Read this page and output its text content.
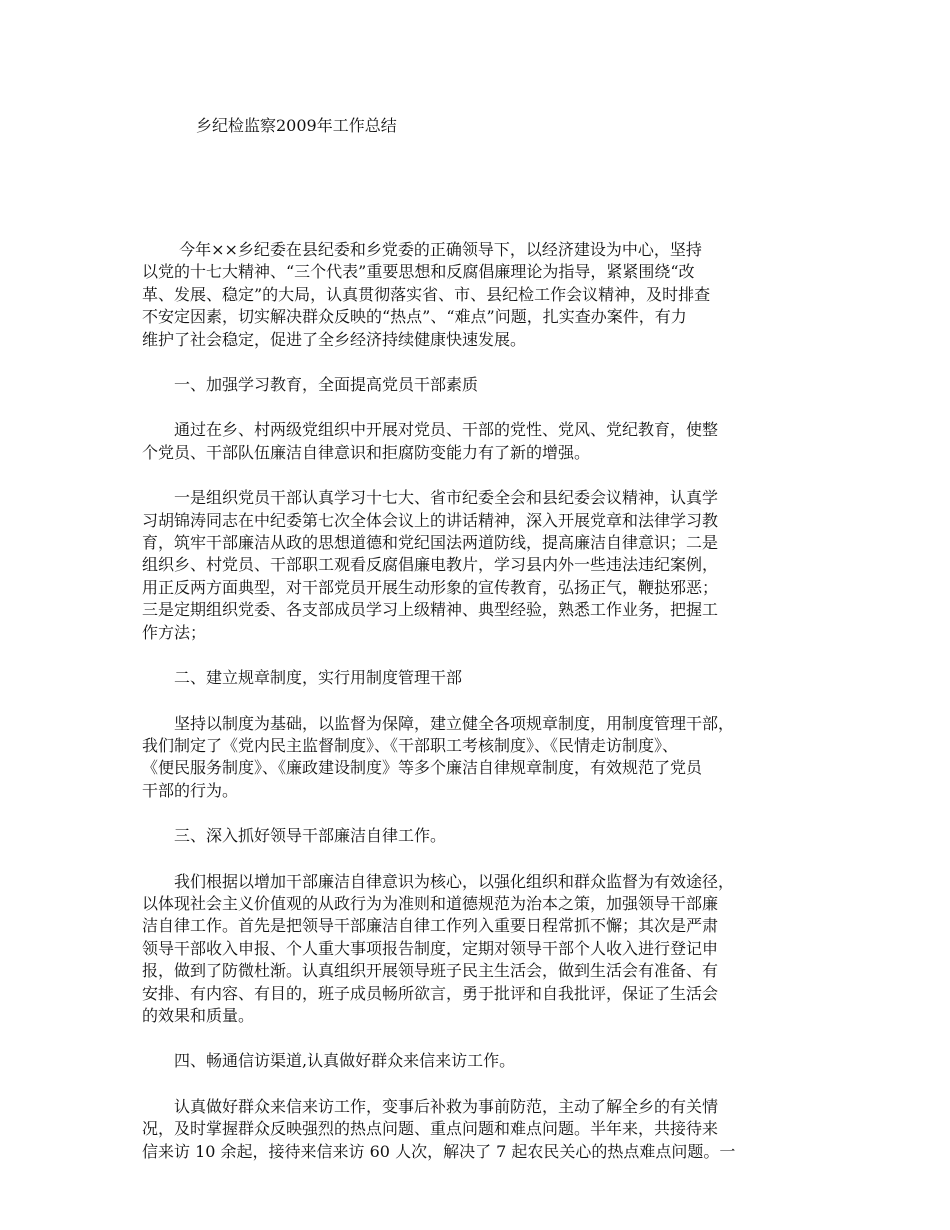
乡纪检监察2009年工作总结
今年××乡纪委在县纪委和乡党委的正确领导下，以经济建设为中心，坚持
以党的十七大精神、“三个代表”重要思想和反腐倡廉理论为指导，紧紧围绕“改
革、发展、稳定”的大局，认真贯彻落实省、市、县纪检工作会议精神，及时排查
不安定因素，切实解决群众反映的“热点”、“难点”问题，扎实查办案件，有力
维护了社会稳定，促进了全乡经济持续健康快速发展。
一、加强学习教育，全面提高党员干部素质
通过在乡、村两级党组织中开展对党员、干部的党性、党风、党纪教育，使整
个党员、干部队伍廉洁自律意识和拒腐防变能力有了新的增强。
一是组织党员干部认真学习十七大、省市纪委全会和县纪委会议精神，认真学
习胡锦涛同志在中纪委第七次全体会议上的讲话精神，深入开展党章和法律学习教
育，筑牢干部廉洁从政的思想道德和党纪国法两道防线，提高廉洁自律意识；二是
组织乡、村党员、干部职工观看反腐倡廉电教片，学习县内外一些违法违纪案例，
用正反两方面典型，对干部党员开展生动形象的宣传教育，弘扬正气，鞭挞邪恶；
三是定期组织党委、各支部成员学习上级精神、典型经验，熟悉工作业务，把握工
作方法；
二、建立规章制度，实行用制度管理干部
坚持以制度为基础，以监督为保障，建立健全各项规章制度，用制度管理干部，
我们制定了《党内民主监督制度》、《干部职工考核制度》、《民情走访制度》、
《便民服务制度》、《廉政建设制度》等多个廉洁自律规章制度，有效规范了党员
干部的行为。
三、深入抓好领导干部廉洁自律工作。
我们根据以增加干部廉洁自律意识为核心，以强化组织和群众监督为有效途径，
以体现社会主义价值观的从政行为为准则和道德规范为治本之策，加强领导干部廉
洁自律工作。首先是把领导干部廉洁自律工作列入重要日程常抓不懈；其次是严肃
领导干部收入申报、个人重大事项报告制度，定期对领导干部个人收入进行登记申
报，做到了防微杜渐。认真组织开展领导班子民主生活会，做到生活会有准备、有
安排、有内容、有目的，班子成员畅所欲言，勇于批评和自我批评，保证了生活会
的效果和质量。
四、畅通信访渠道,认真做好群众来信来访工作。
认真做好群众来信来访工作，变事后补救为事前防范，主动了解全乡的有关情
况，及时掌握群众反映强烈的热点问题、重点问题和难点问题。半年来，共接待来
信来访 10 余起，接待来信来访 60 人次，解决了 7 起农民关心的热点难点问题。一
